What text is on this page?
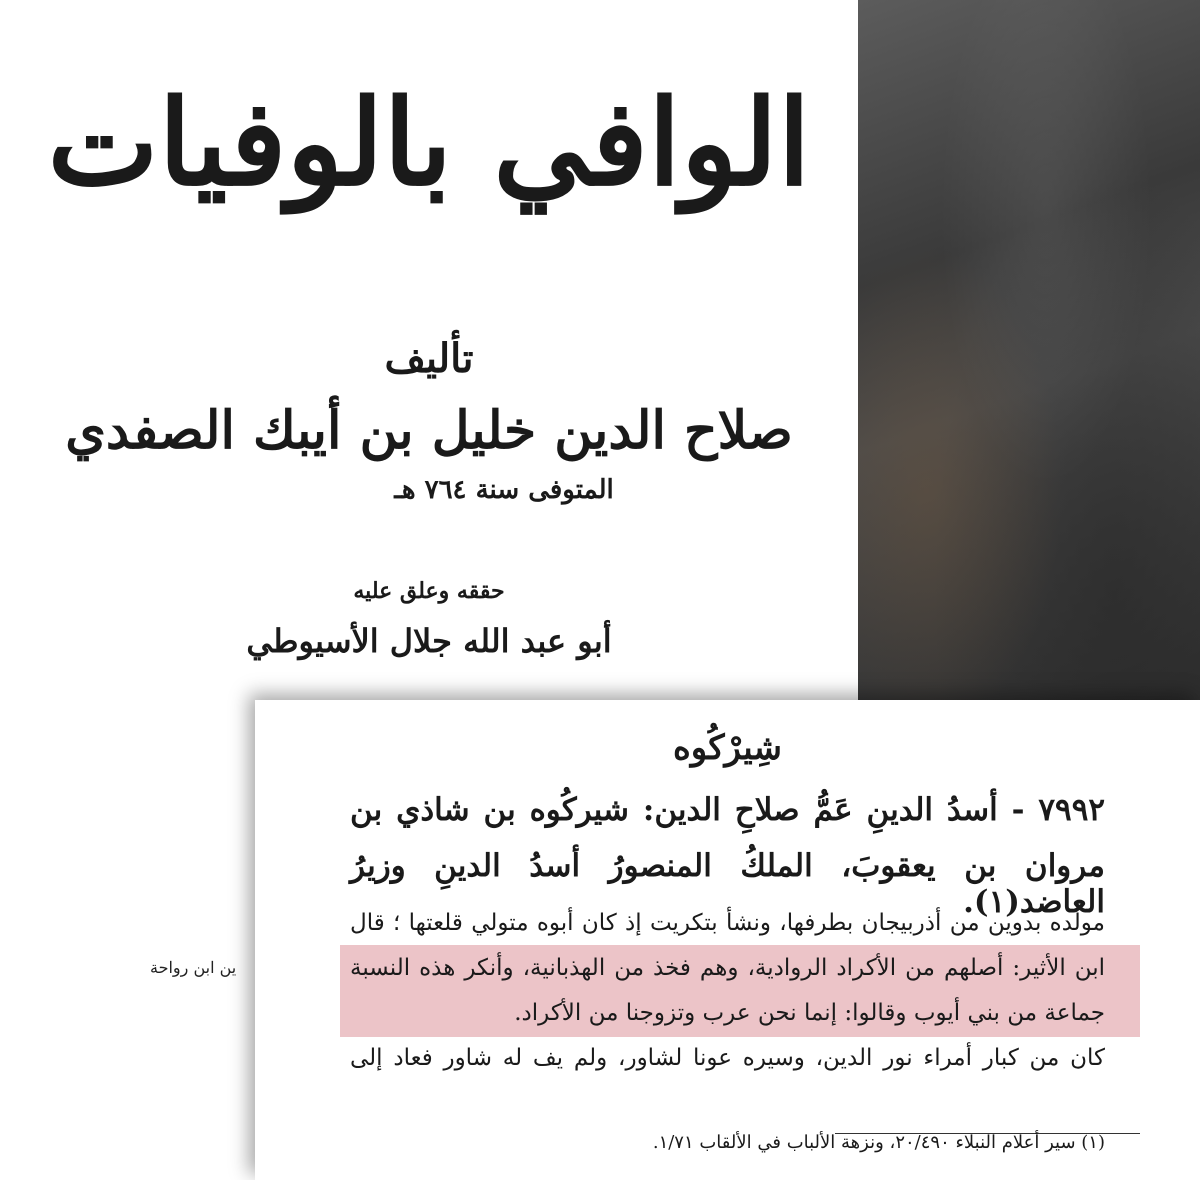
الوافي بالوفيات
تأليف
صلاح الدين خليل بن أيبك الصفدي
المتوفى سنة ٧٦٤ هـ
حققه وعلق عليه
أبو عبد الله جلال الأسيوطي
ين ابن رواحة
شِيرْكُوه
٧٩٩٢ - أسدُ الدينِ عَمُّ صلاحِ الدين: شيركُوه بن شاذي بن
مروان بن يعقوبَ، الملكُ المنصورُ أسدُ الدينِ وزيرُ العاضد(١).
مولده بدوين من أذربيجان بطرفها، ونشأ بتكريت إذ كان أبوه متولي قلعتها ؛ قال
ابن الأثير: أصلهم من الأكراد الروادية، وهم فخذ من الهذبانية، وأنكر هذه النسبة
جماعة من بني أيوب وقالوا: إنما نحن عرب وتزوجنا من الأكراد.
كان من كبار أمراء نور الدين، وسيره عونا لشاور، ولم يف له شاور فعاد إلى
(١) سير أعلام النبلاء ٢٠/٤٩٠، ونزهة الألباب في الألقاب ١/٧١.
